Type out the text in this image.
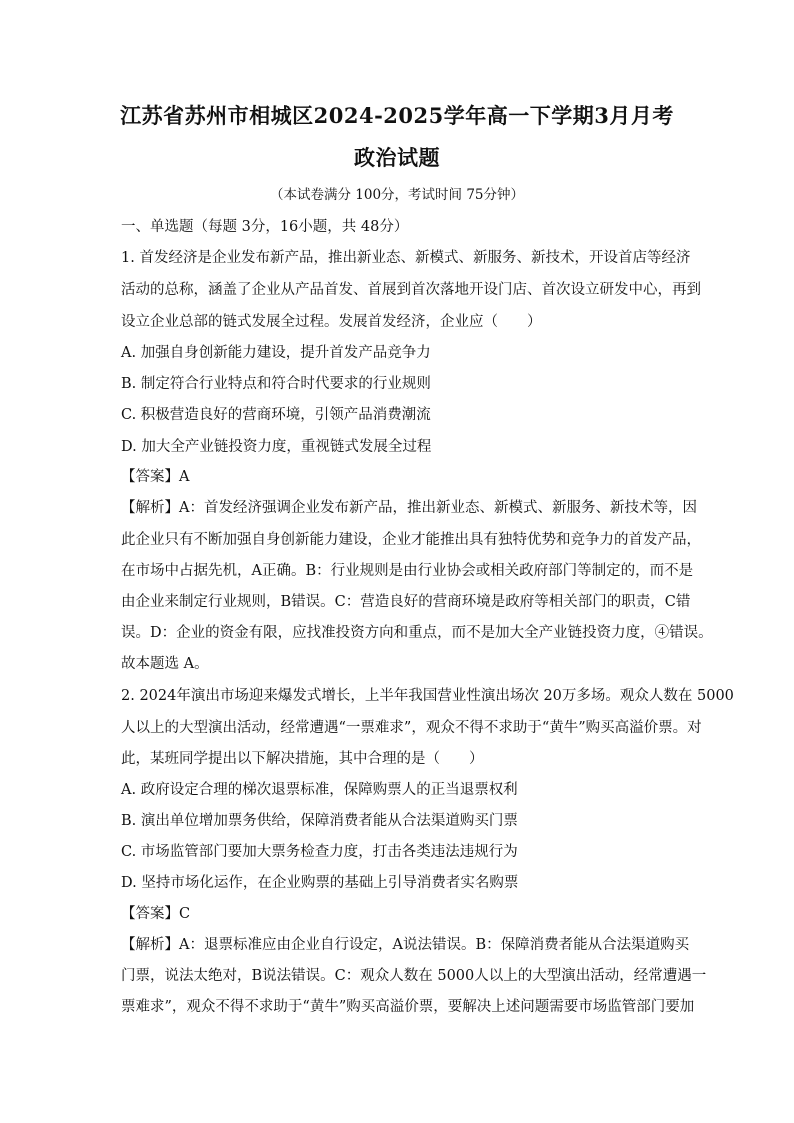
江苏省苏州市相城区2024-2025学年高一下学期3月月考
政治试题
（本试卷满分 100分，考试时间 75分钟）
一、单选题（每题 3分，16小题，共 48分）
1. 首发经济是企业发布新产品，推出新业态、新模式、新服务、新技术，开设首店等经济
活动的总称，涵盖了企业从产品首发、首展到首次落地开设门店、首次设立研发中心，再到
设立企业总部的链式发展全过程。发展首发经济，企业应（　　）
A. 加强自身创新能力建设，提升首发产品竞争力
B. 制定符合行业特点和符合时代要求的行业规则
C. 积极营造良好的营商环境，引领产品消费潮流
D. 加大全产业链投资力度，重视链式发展全过程
【答案】A
【解析】A：首发经济强调企业发布新产品，推出新业态、新模式、新服务、新技术等，因
此企业只有不断加强自身创新能力建设，企业才能推出具有独特优势和竞争力的首发产品，
在市场中占据先机，A正确。B：行业规则是由行业协会或相关政府部门等制定的，而不是
由企业来制定行业规则，B错误。C：营造良好的营商环境是政府等相关部门的职责，C错
误。D：企业的资金有限，应找准投资方向和重点，而不是加大全产业链投资力度，④错误。
故本题选 A。
2. 2024年演出市场迎来爆发式增长，上半年我国营业性演出场次 20万多场。观众人数在 5000
人以上的大型演出活动，经常遭遇“一票难求”，观众不得不求助于“黄牛”购买高溢价票。对
此，某班同学提出以下解决措施，其中合理的是（　　）
A. 政府设定合理的梯次退票标准，保障购票人的正当退票权利
B. 演出单位增加票务供给，保障消费者能从合法渠道购买门票
C. 市场监管部门要加大票务检查力度，打击各类违法违规行为
D. 坚持市场化运作，在企业购票的基础上引导消费者实名购票
【答案】C
【解析】A：退票标准应由企业自行设定，A说法错误。B：保障消费者能从合法渠道购买
门票，说法太绝对，B说法错误。C：观众人数在 5000人以上的大型演出活动，经常遭遇一
票难求”，观众不得不求助于“黄牛”购买高溢价票，要解决上述问题需要市场监管部门要加
